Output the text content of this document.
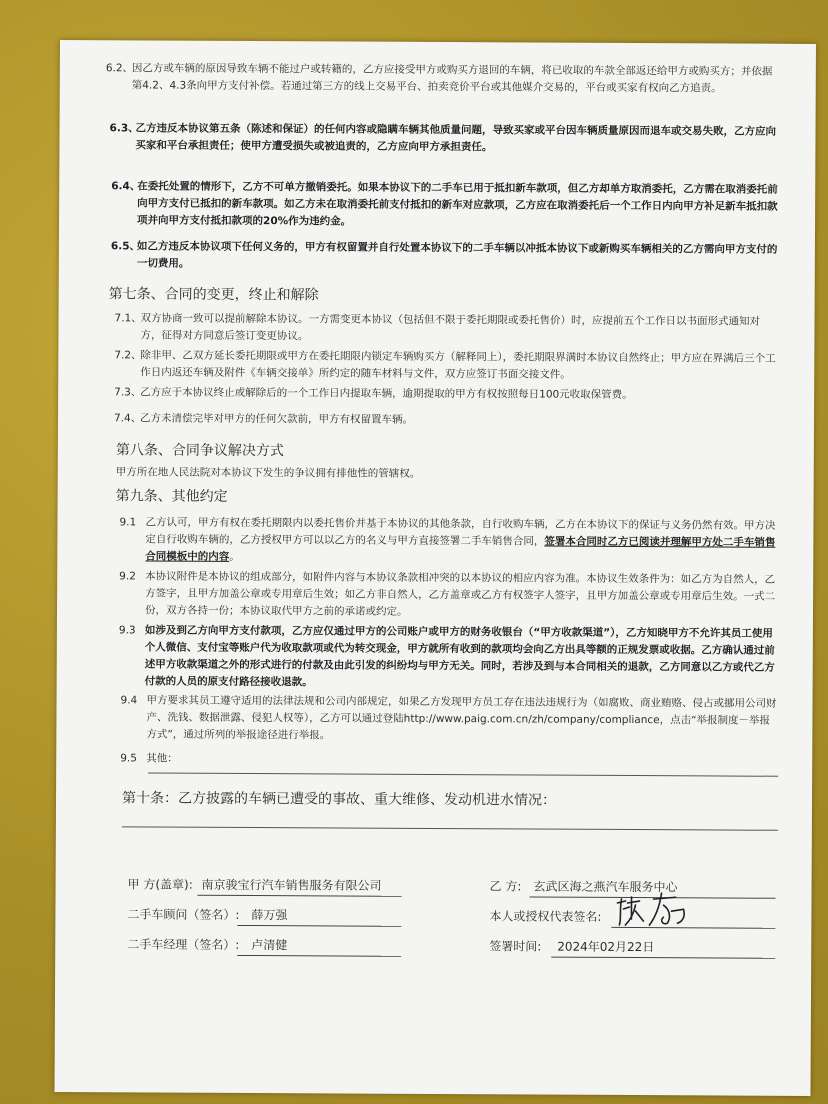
6.2、
因乙方或车辆的原因导致车辆不能过户或转籍的，乙方应接受甲方或购买方退回的车辆，将已收取的车款全部返还给甲方或购买方；并依据第4.2、4.3条向甲方支付补偿。若通过第三方的线上交易平台、拍卖竞价平台或其他媒介交易的，平台或买家有权向乙方追责。
6.3、
乙方违反本协议第五条（陈述和保证）的任何内容或隐瞒车辆其他质量问题，导致买家或平台因车辆质量原因而退车或交易失败，乙方应向买家和平台承担责任；使甲方遭受损失或被追责的，乙方应向甲方承担责任。
6.4、
在委托处置的情形下，乙方不可单方撤销委托。如果本协议下的二手车已用于抵扣新车款项，但乙方却单方取消委托，乙方需在取消委托前向甲方支付已抵扣的新车款项。如乙方未在取消委托前支付抵扣的新车对应款项，乙方应在取消委托后一个工作日内向甲方补足新车抵扣款项并向甲方支付抵扣款项的20%作为违约金。
6.5、
如乙方违反本协议项下任何义务的，甲方有权留置并自行处置本协议下的二手车辆以冲抵本协议下或新购买车辆相关的乙方需向甲方支付的一切费用。
第七条、合同的变更，终止和解除
7.1、
双方协商一致可以提前解除本协议。一方需变更本协议（包括但不限于委托期限或委托售价）时，应提前五个工作日以书面形式通知对方，征得对方同意后签订变更协议。
7.2、
除非甲、乙双方延长委托期限或甲方在委托期限内锁定车辆购买方（解释同上），委托期限界满时本协议自然终止；甲方应在界满后三个工作日内返还车辆及附件《车辆交接单》所约定的随车材料与文件，双方应签订书面交接文件。
7.3、
乙方应于本协议终止或解除后的一个工作日内提取车辆，逾期提取的甲方有权按照每日100元收取保管费。
7.4、
乙方未清偿完毕对甲方的任何欠款前，甲方有权留置车辆。
第八条、合同争议解决方式
甲方所在地人民法院对本协议下发生的争议拥有排他性的管辖权。
第九条、其他约定
9.1 乙方认可，甲方有权在委托期限内以委托售价并基于本协议的其他条款，自行收购车辆，乙方在本协议下的保证与义务仍然有效。甲方决定自行收购车辆的，乙方授权甲方可以以乙方的名义与甲方直接签署二手车销售合同，签署本合同时乙方已阅读并理解甲方处二手车销售合同模板中的内容。
9.2 本协议附件是本协议的组成部分，如附件内容与本协议条款相冲突的以本协议的相应内容为准。本协议生效条件为：如乙方为自然人，乙方签字，且甲方加盖公章或专用章后生效；如乙方非自然人，乙方盖章或乙方有权签字人签字，且甲方加盖公章或专用章后生效。一式二份，双方各持一份；本协议取代甲方之前的承诺或约定。
9.3 如涉及到乙方向甲方支付款项，乙方应仅通过甲方的公司账户或甲方的财务收银台（“甲方收款渠道”），乙方知晓甲方不允许其员工使用个人微信、支付宝等账户代为收取款项或代为转交现金，甲方就所有收到的款项均会向乙方出具等额的正规发票或收据。乙方确认通过前述甲方收款渠道之外的形式进行的付款及由此引发的纠纷均与甲方无关。同时，若涉及到与本合同相关的退款，乙方同意以乙方或代乙方付款的人员的原支付路径接收退款。
9.4 甲方要求其员工遵守适用的法律法规和公司内部规定，如果乙方发现甲方员工存在违法违规行为（如腐败、商业贿赂、侵占或挪用公司财产、洗钱、数据泄露、侵犯人权等），乙方可以通过登陆http://www.paig.com.cn/zh/company/compliance，点击“举报制度－举报方式”，通过所列的举报途径进行举报。
9.5 其他：
第十条：乙方披露的车辆已遭受的事故、重大维修、发动机进水情况：
甲 方(盖章): 南京骏宝行汽车销售服务有限公司
二手车顾问（签名）: 薛万强
二手车经理（签名）: 卢清健
乙 方: 玄武区海之燕汽车服务中心
本人或授权代表签名:
签署时间: 2024年02月22日
